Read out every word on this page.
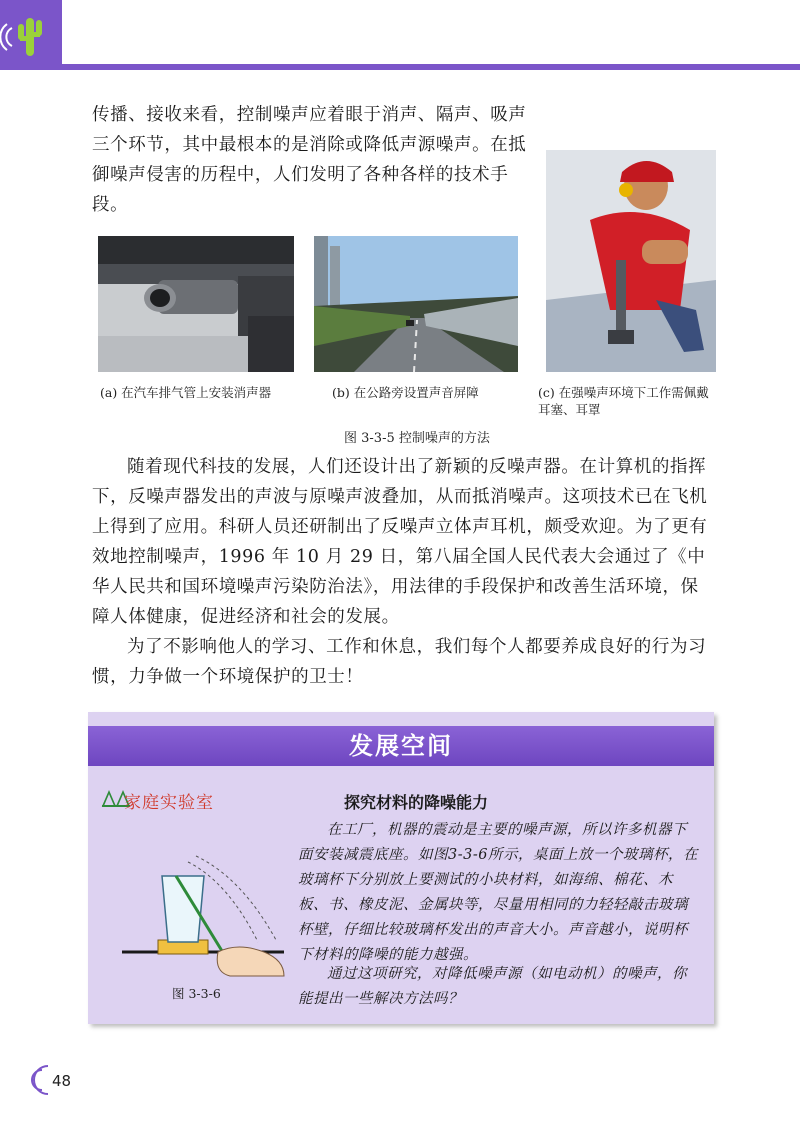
传播、接收来看，控制噪声应着眼于消声、隔声、吸声三个环节，其中最根本的是消除或降低声源噪声。在抵御噪声侵害的历程中，人们发明了各种各样的技术手段。

(a) 在汽车排气管上安装消声器	(b) 在公路旁设置声音屏障	(c) 在强噪声环境下工作需佩戴耳塞、耳罩
图 3-3-5 控制噪声的方法

随着现代科技的发展，人们还设计出了新颖的反噪声器。在计算机的指挥下，反噪声器发出的声波与原噪声波叠加，从而抵消噪声。这项技术已在飞机上得到了应用。科研人员还研制出了反噪声立体声耳机，颇受欢迎。为了更有效地控制噪声，1996 年 10 月 29 日，第八届全国人民代表大会通过了《中华人民共和国环境噪声污染防治法》，用法律的手段保护和改善生活环境，保障人体健康，促进经济和社会的发展。

为了不影响他人的学习、工作和休息，我们每个人都要养成良好的行为习惯，力争做一个环境保护的卫士！

发展空间
家庭实验室	探究材料的降噪能力

在工厂，机器的震动是主要的噪声源，所以许多机器下面安装减震底座。如图3-3-6所示，桌面上放一个玻璃杯，在玻璃杯下分别放上要测试的小块材料，如海绵、棉花、木板、书、橡皮泥、金属块等，尽量用相同的力轻轻敲击玻璃杯壁，仔细比较玻璃杯发出的声音大小。声音越小，说明杯下材料的降噪的能力越强。

通过这项研究，对降低噪声源（如电动机）的噪声，你能提出一些解决方法吗？

图 3-3-6
48
